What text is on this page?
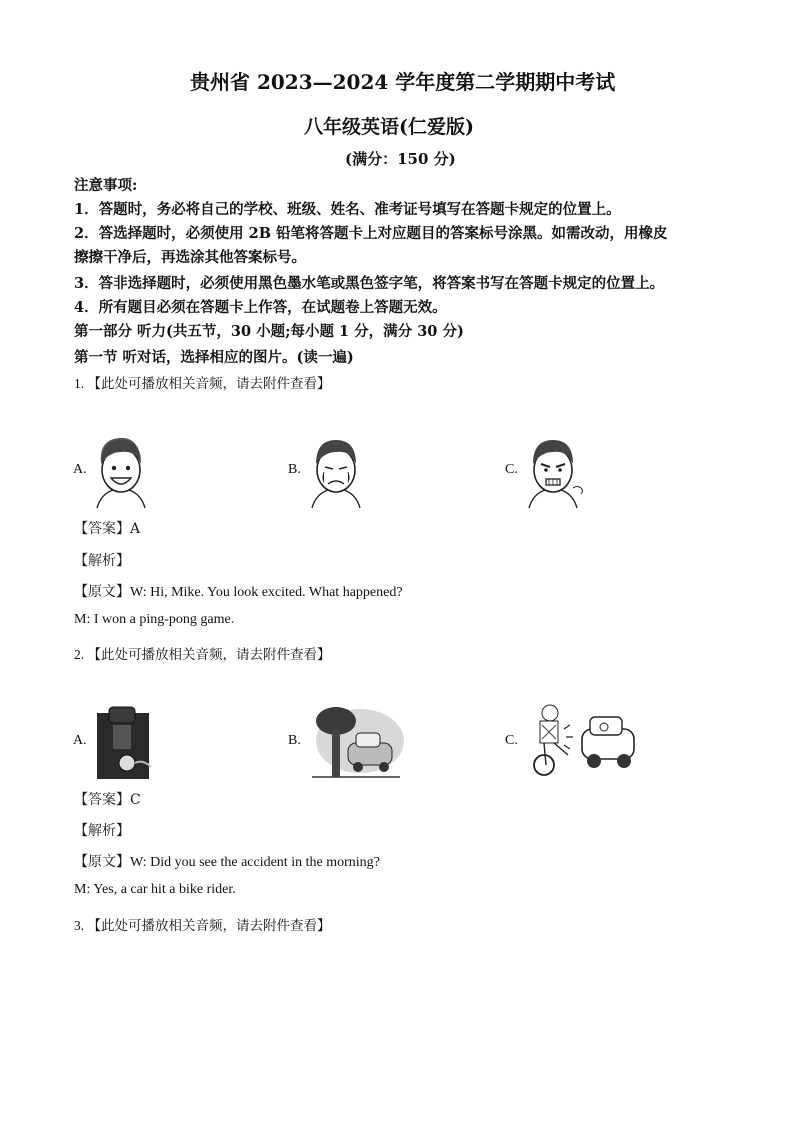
贵州省 2023—2024 学年度第二学期期中考试
八年级英语(仁爱版)
(满分：150 分)
注意事项:
1．答题时，务必将自己的学校、班级、姓名、准考证号填写在答题卡规定的位置上。
2．答选择题时，必须使用 2B 铅笔将答题卡上对应题目的答案标号涂黑。如需改动，用橡皮
擦擦干净后，再选涂其他答案标号。
3．答非选择题时，必须使用黑色墨水笔或黑色签字笔，将答案书写在答题卡规定的位置上。
4．所有题目必须在答题卡上作答，在试题卷上答题无效。
第一部分 听力(共五节，30 小题;每小题 1 分，满分 30 分)
第一节 听对话，选择相应的图片。(读一遍)
1. 【此处可播放相关音频，请去附件查看】
A.	B.	C.
【答案】A
【解析】
【原文】W: Hi, Mike. You look excited. What happened?
M: I won a ping-pong game.
2. 【此处可播放相关音频，请去附件查看】
A.	B.	C.
【答案】C
【解析】
【原文】W: Did you see the accident in the morning?
M: Yes, a car hit a bike rider.
3. 【此处可播放相关音频，请去附件查看】
